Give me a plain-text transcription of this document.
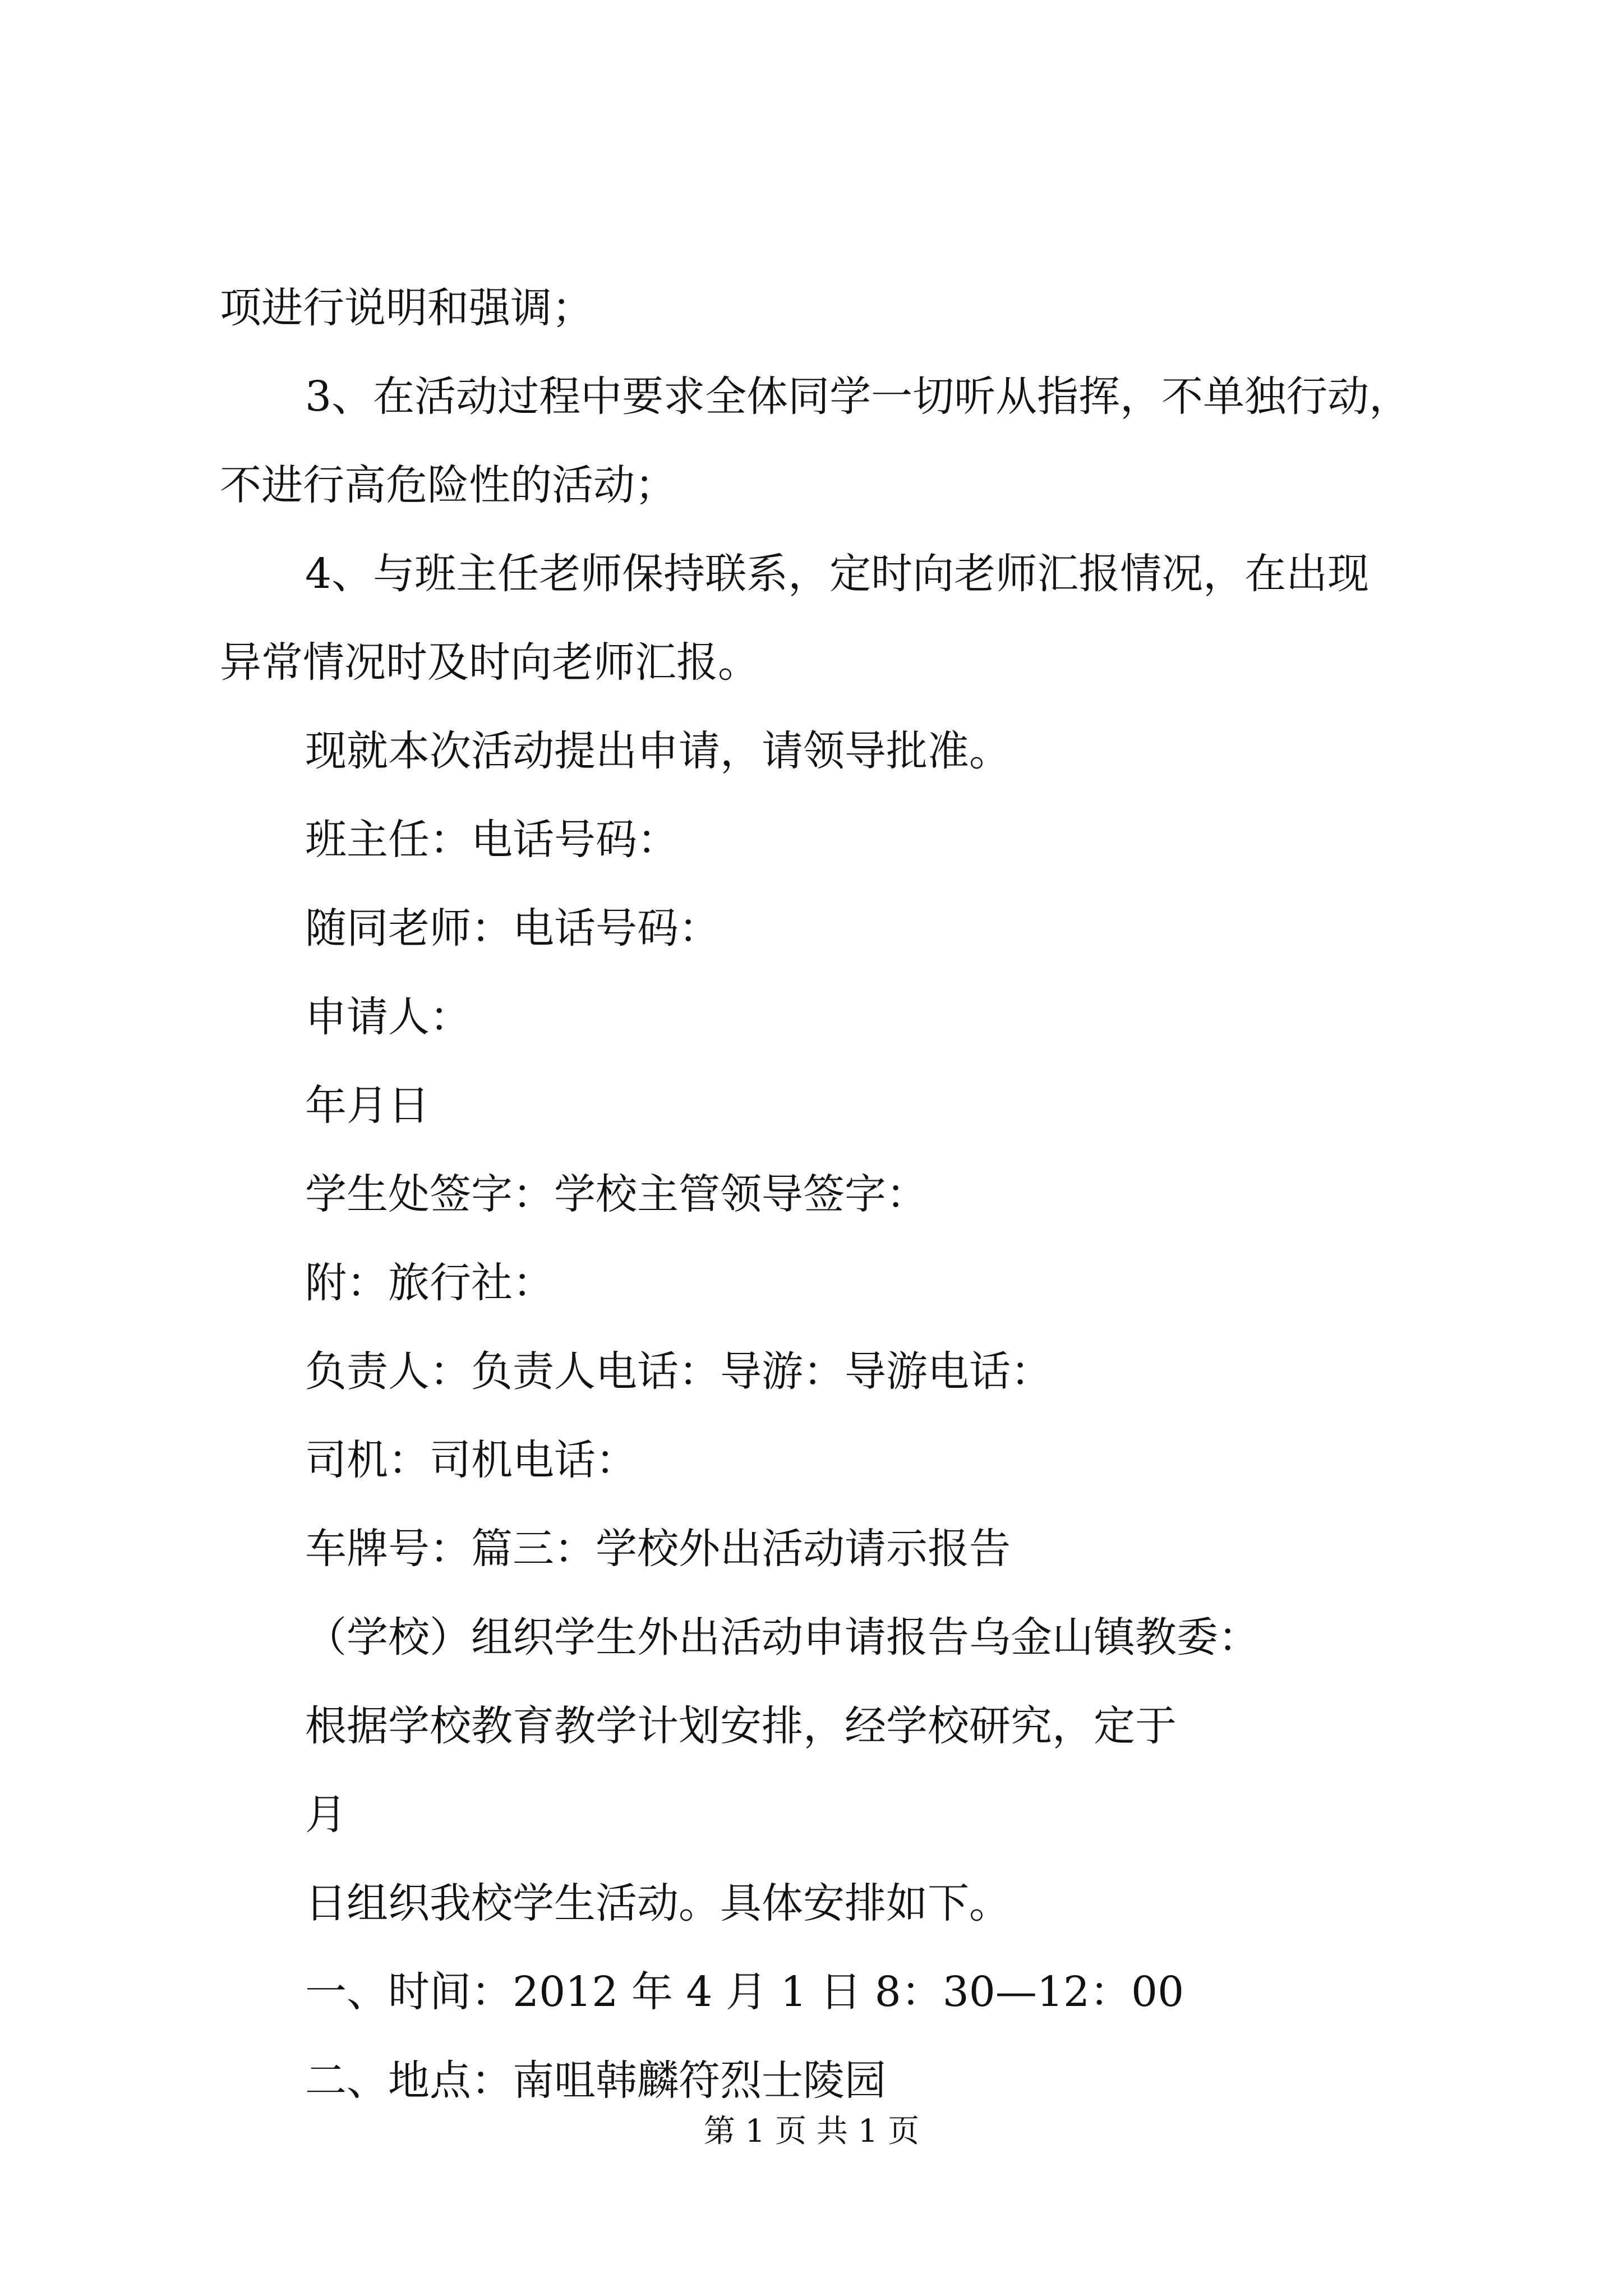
项进行说明和强调；

3、在活动过程中要求全体同学一切听从指挥，不单独行动，

不进行高危险性的活动；

4、与班主任老师保持联系，定时向老师汇报情况，在出现

异常情况时及时向老师汇报。

现就本次活动提出申请，请领导批准。

班主任：电话号码：

随同老师：电话号码：

申请人：

年月日

学生处签字：学校主管领导签字：

附：旅行社：

负责人：负责人电话：导游：导游电话：

司机：司机电话：

车牌号：篇三：学校外出活动请示报告

（学校）组织学生外出活动申请报告乌金山镇教委：

根据学校教育教学计划安排，经学校研究，定于

月

日组织我校学生活动。具体安排如下。

一、时间：2012 年 4 月 1 日 8：30—12：00

二、地点：南咀韩麟符烈士陵园

第 1 页 共 1 页
